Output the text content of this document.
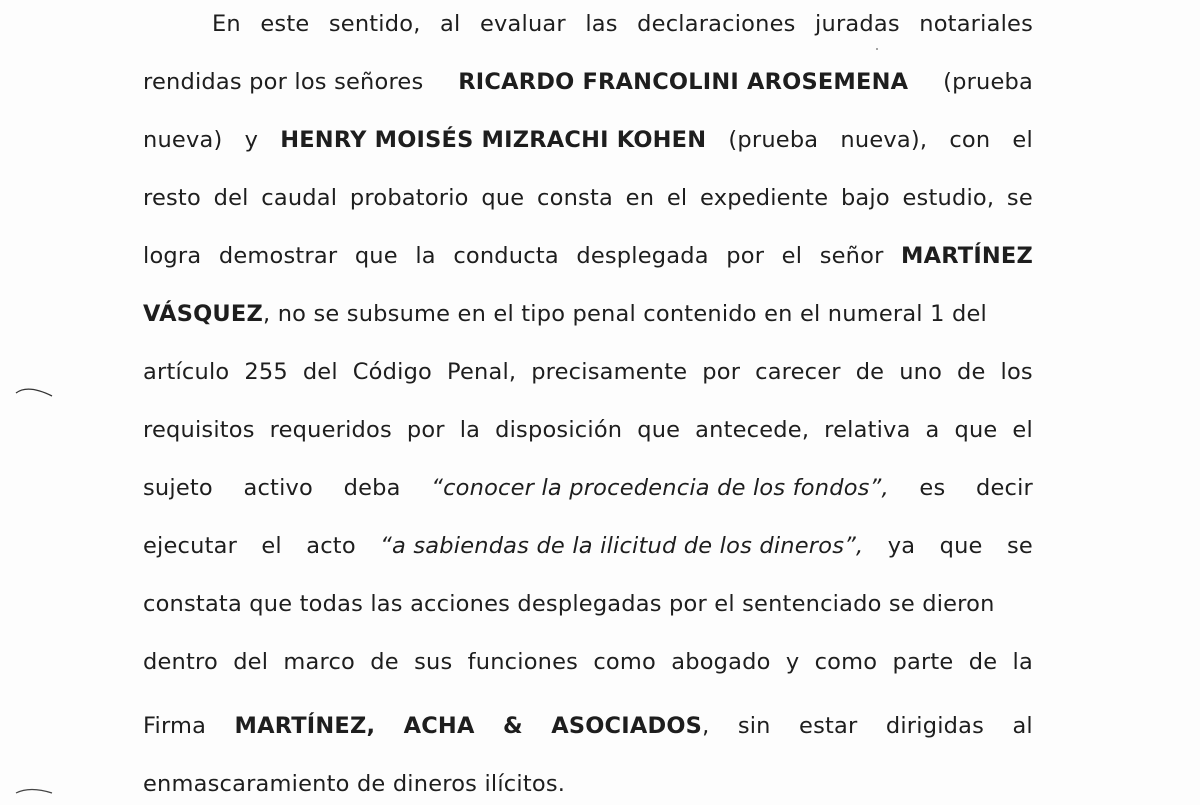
En este sentido, al evaluar las declaraciones juradas notariales
rendidas por los señores RICARDO FRANCOLINI AROSEMENA (prueba
nueva) y HENRY MOISÉS MIZRACHI KOHEN (prueba nueva), con el
resto del caudal probatorio que consta en el expediente bajo estudio, se
logra demostrar que la conducta desplegada por el señor MARTÍNEZ
VÁSQUEZ, no se subsume en el tipo penal contenido en el numeral 1 del
artículo 255 del Código Penal, precisamente por carecer de uno de los
requisitos requeridos por la disposición que antecede, relativa a que el
sujeto activo deba “conocer la procedencia de los fondos”, es decir
ejecutar el acto “a sabiendas de la ilicitud de los dineros”, ya que se
constata que todas las acciones desplegadas por el sentenciado se dieron
dentro del marco de sus funciones como abogado y como parte de la
Firma MARTÍNEZ, ACHA & ASOCIADOS, sin estar dirigidas al
enmascaramiento de dineros ilícitos.
